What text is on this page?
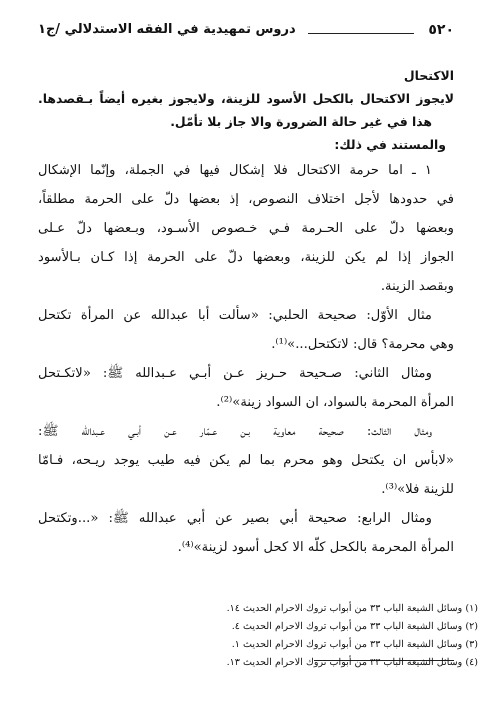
٥٢٠
دروس تمهيدية في الفقه الاستدلالي /ج١
الاكتحال
لايجوز الاكتحال بالكحل الأسود للزينة، ولايجوز بغيره أيضاً بـقصدها.
هذا في غير حالة الضرورة والا جاز بلا تأمّل.
والمستند في ذلك:
١ ـ اما حرمة الاكتحال فلا إشكال فيها في الجملة، وإنّما الإشكال
في حدودها لأجل اختلاف النصوص، إذ بعضها دلّ على الحرمة مطلقاً،
وبعضها دلّ على الحـرمة فـي خـصوص الأسـود، وبـعضها دلّ عـلى
الجواز إذا لم يكن للزينة، وبعضها دلّ على الحرمة إذا كـان بـالأسود
وبقصد الزينة.
مثال الأوّل: صحيحة الحلبي: «سألت أبا عبدالله عن المرأة تكتحل
وهي محرمة؟ قال: لاتكتحل...»⁽¹⁾.
ومثال الثاني: صـحيحة حـريز عـن أبـي عـبدالله ﷺ: «لاتكـتحل
المرأة المحرمة بالسواد، ان السواد زينة»⁽²⁾.
ومثال الثالث: صحيحة معاوية بـن عـمّار عـن أبـي عـبدالله ﷺ:
«لابأس ان يكتحل وهو محرم بما لم يكن فيه طيب يوجد ريـحه، فـامّا
للزينة فلا»⁽³⁾.
ومثال الرابع: صحيحة أبي بصير عن أبي عبدالله ﷺ: «...وتكتحل
المرأة المحرمة بالكحل كلّه الا كحل أسود لزينة»⁽⁴⁾.
(١) وسائل الشيعة الباب ٣٣ من أبواب تروك الاحرام الحديث ١٤.
(٢) وسائل الشيعة الباب ٣٣ من أبواب تروك الاحرام الحديث ٤.
(٣) وسائل الشيعة الباب ٣٣ من أبواب تروك الاحرام الحديث ١.
(٤) وسائل الشيعة الباب ٣٣ من أبواب تروك الاحرام الحديث ١٣.
